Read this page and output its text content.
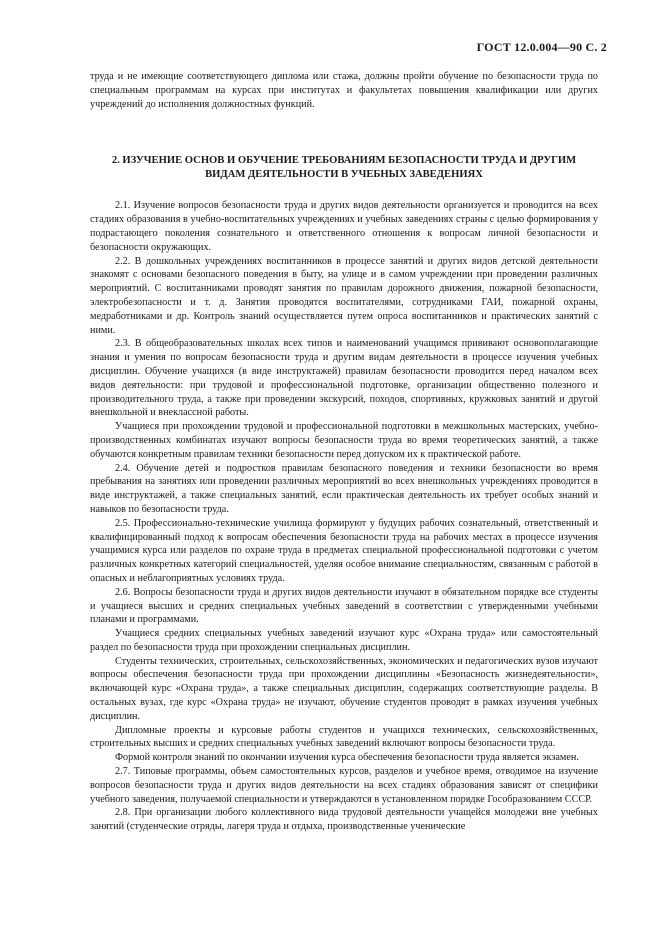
ГОСТ 12.0.004—90 С. 2

труда и не имеющие соответствующего диплома или стажа, должны пройти обучение по безопасности труда по специальным программам на курсах при институтах и факультетах повышения квалификации или других учреждений до исполнения должностных функций.

2. ИЗУЧЕНИЕ ОСНОВ И ОБУЧЕНИЕ ТРЕБОВАНИЯМ БЕЗОПАСНОСТИ ТРУДА И ДРУГИМ ВИДАМ ДЕЯТЕЛЬНОСТИ В УЧЕБНЫХ ЗАВЕДЕНИЯХ

2.1. Изучение вопросов безопасности труда и других видов деятельности организуется и проводится на всех стадиях образования в учебно-воспитательных учреждениях и учебных заведениях страны с целью формирования у подрастающего поколения сознательного и ответственного отношения к вопросам личной безопасности и безопасности окружающих.

2.2. В дошкольных учреждениях воспитанников в процессе занятий и других видов детской деятельности знакомят с основами безопасного поведения в быту, на улице и в самом учреждении при проведении различных мероприятий. С воспитанниками проводят занятия по правилам дорожного движения, пожарной безопасности, электробезопасности и т. д. Занятия проводятся воспитателями, сотрудниками ГАИ, пожарной охраны, медработниками и др. Контроль знаний осуществляется путем опроса воспитанников и практических занятий с ними.

2.3. В общеобразовательных школах всех типов и наименований учащимся прививают основополагающие знания и умения по вопросам безопасности труда и другим видам деятельности в процессе изучения учебных дисциплин. Обучение учащихся (в виде инструктажей) правилам безопасности проводится перед началом всех видов деятельности: при трудовой и профессиональной подготовке, организации общественно полезного и производительного труда, а также при проведении экскурсий, походов, спортивных, кружковых занятий и другой внешкольной и внеклассной работы.

Учащиеся при прохождении трудовой и профессиональной подготовки в межшкольных мастерских, учебно-производственных комбинатах изучают вопросы безопасности труда во время теоретических занятий, а также обучаются конкретным правилам техники безопасности перед допуском их к практической работе.

2.4. Обучение детей и подростков правилам безопасного поведения и техники безопасности во время пребывания на занятиях или проведении различных мероприятий во всех внешкольных учреждениях проводится в виде инструктажей, а также специальных занятий, если практическая деятельность их требует особых знаний и навыков по безопасности труда.

2.5. Профессионально-технические училища формируют у будущих рабочих сознательный, ответственный и квалифицированный подход к вопросам обеспечения безопасности труда на рабочих местах в процессе изучения учащимися курса или разделов по охране труда в предметах специальной профессиональной подготовки с учетом различных конкретных категорий специальностей, уделяя особое внимание специальностям, связанным с работой в опасных и неблагоприятных условиях труда.

2.6. Вопросы безопасности труда и других видов деятельности изучают в обязательном порядке все студенты и учащиеся высших и средних специальных учебных заведений в соответствии с утвержденными учебными планами и программами.

Учащиеся средних специальных учебных заведений изучают курс «Охрана труда» или самостоятельный раздел по безопасности труда при прохождении специальных дисциплин.

Студенты технических, строительных, сельскохозяйственных, экономических и педагогических вузов изучают вопросы обеспечения безопасности труда при прохождении дисциплины «Безопасность жизнедеятельности», включающей курс «Охрана труда», а также специальных дисциплин, содержащих соответствующие разделы. В остальных вузах, где курс «Охрана труда» не изучают, обучение студентов проводят в рамках изучения учебных дисциплин.

Дипломные проекты и курсовые работы студентов и учащихся технических, сельскохозяйственных, строительных высших и средних специальных учебных заведений включают вопросы безопасности труда.

Формой контроля знаний по окончании изучения курса обеспечения безопасности труда является экзамен.

2.7. Типовые программы, объем самостоятельных курсов, разделов и учебное время, отводимое на изучение вопросов безопасности труда и других видов деятельности на всех стадиях образования зависят от специфики учебного заведения, получаемой специальности и утверждаются в установленном порядке Гособразованием СССР.

2.8. При организации любого коллективного вида трудовой деятельности учащейся молодежи вне учебных занятий (студенческие отряды, лагеря труда и отдыха, производственные ученические
